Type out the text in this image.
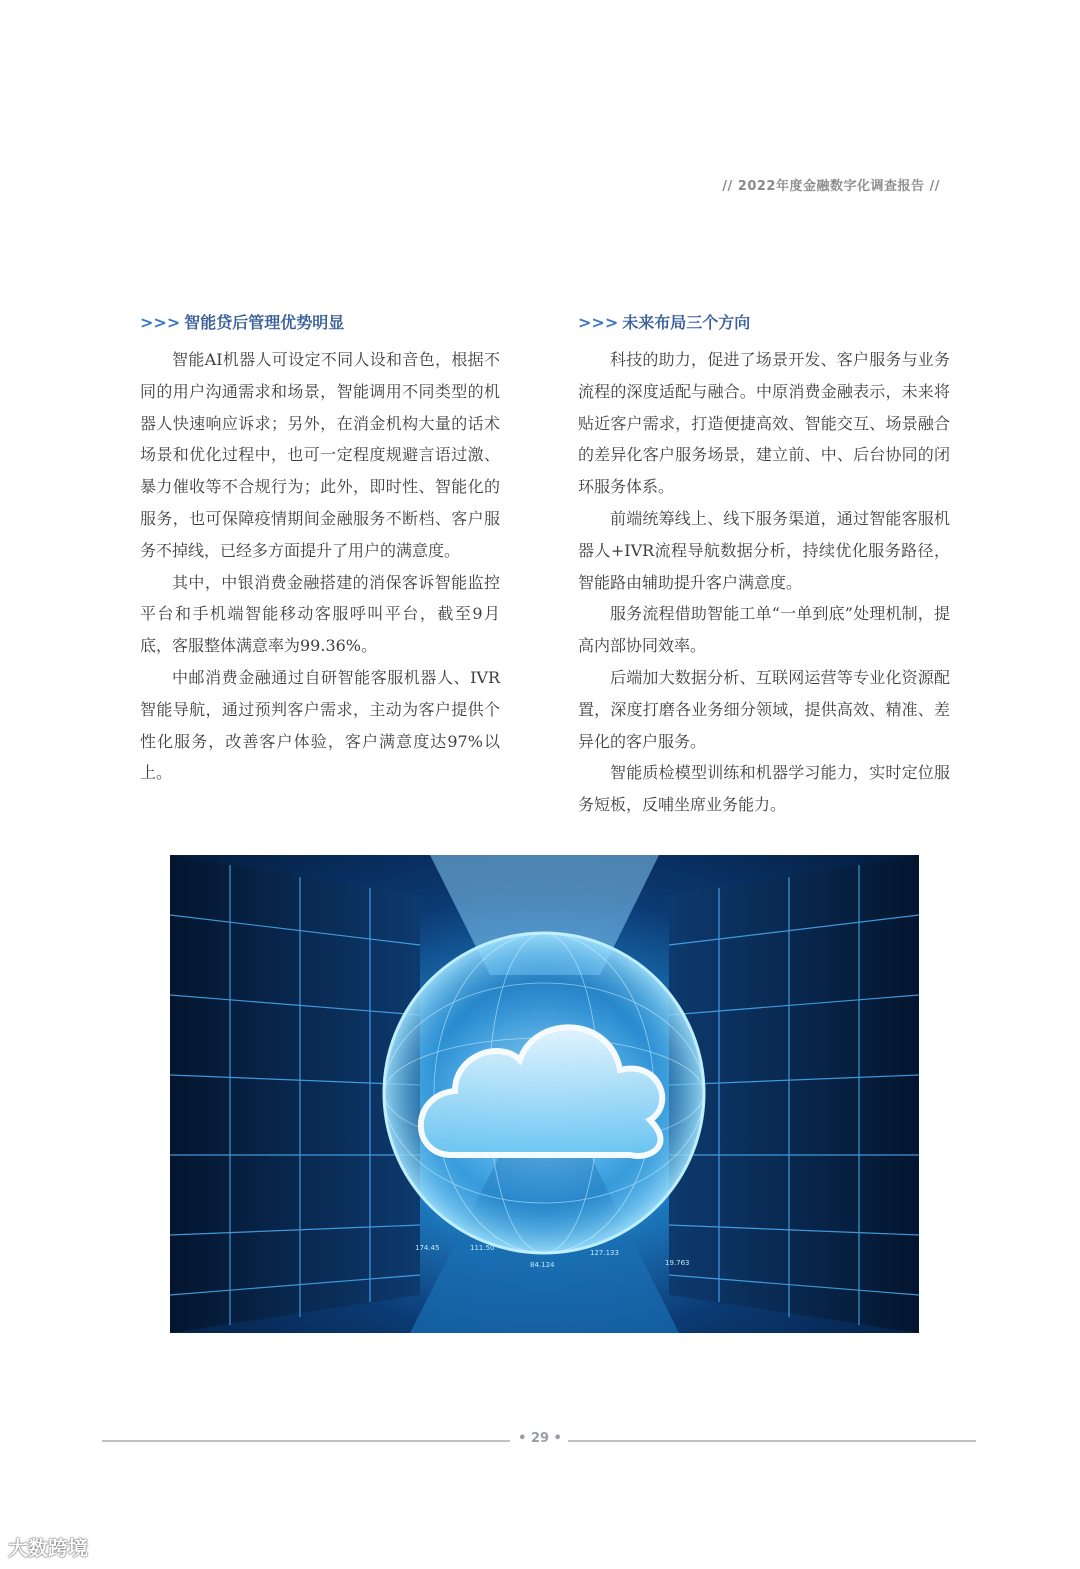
// 2022年度金融数字化调查报告 //
>>> 智能贷后管理优势明显

智能AI机器人可设定不同人设和音色，根据不同的用户沟通需求和场景，智能调用不同类型的机器人快速响应诉求；另外，在消金机构大量的话术场景和优化过程中，也可一定程度规避言语过激、暴力催收等不合规行为；此外，即时性、智能化的服务，也可保障疫情期间金融服务不断档、客户服务不掉线，已经多方面提升了用户的满意度。

其中，中银消费金融搭建的消保客诉智能监控平台和手机端智能移动客服呼叫平台，截至9月底，客服整体满意率为99.36%。

中邮消费金融通过自研智能客服机器人、IVR智能导航，通过预判客户需求，主动为客户提供个性化服务，改善客户体验，客户满意度达97%以上。

>>> 未来布局三个方向

科技的助力，促进了场景开发、客户服务与业务流程的深度适配与融合。中原消费金融表示，未来将贴近客户需求，打造便捷高效、智能交互、场景融合的差异化客户服务场景，建立前、中、后台协同的闭环服务体系。

前端统筹线上、线下服务渠道，通过智能客服机器人+IVR流程导航数据分析，持续优化服务路径，智能路由辅助提升客户满意度。

服务流程借助智能工单“一单到底”处理机制，提高内部协同效率。

后端加大数据分析、互联网运营等专业化资源配置，深度打磨各业务细分领域，提供高效、精准、差异化的客户服务。

智能质检模型训练和机器学习能力，实时定位服务短板，反哺坐席业务能力。

127.133
84.124
111.50
174.45
19.763
• 29 •
大数跨境
